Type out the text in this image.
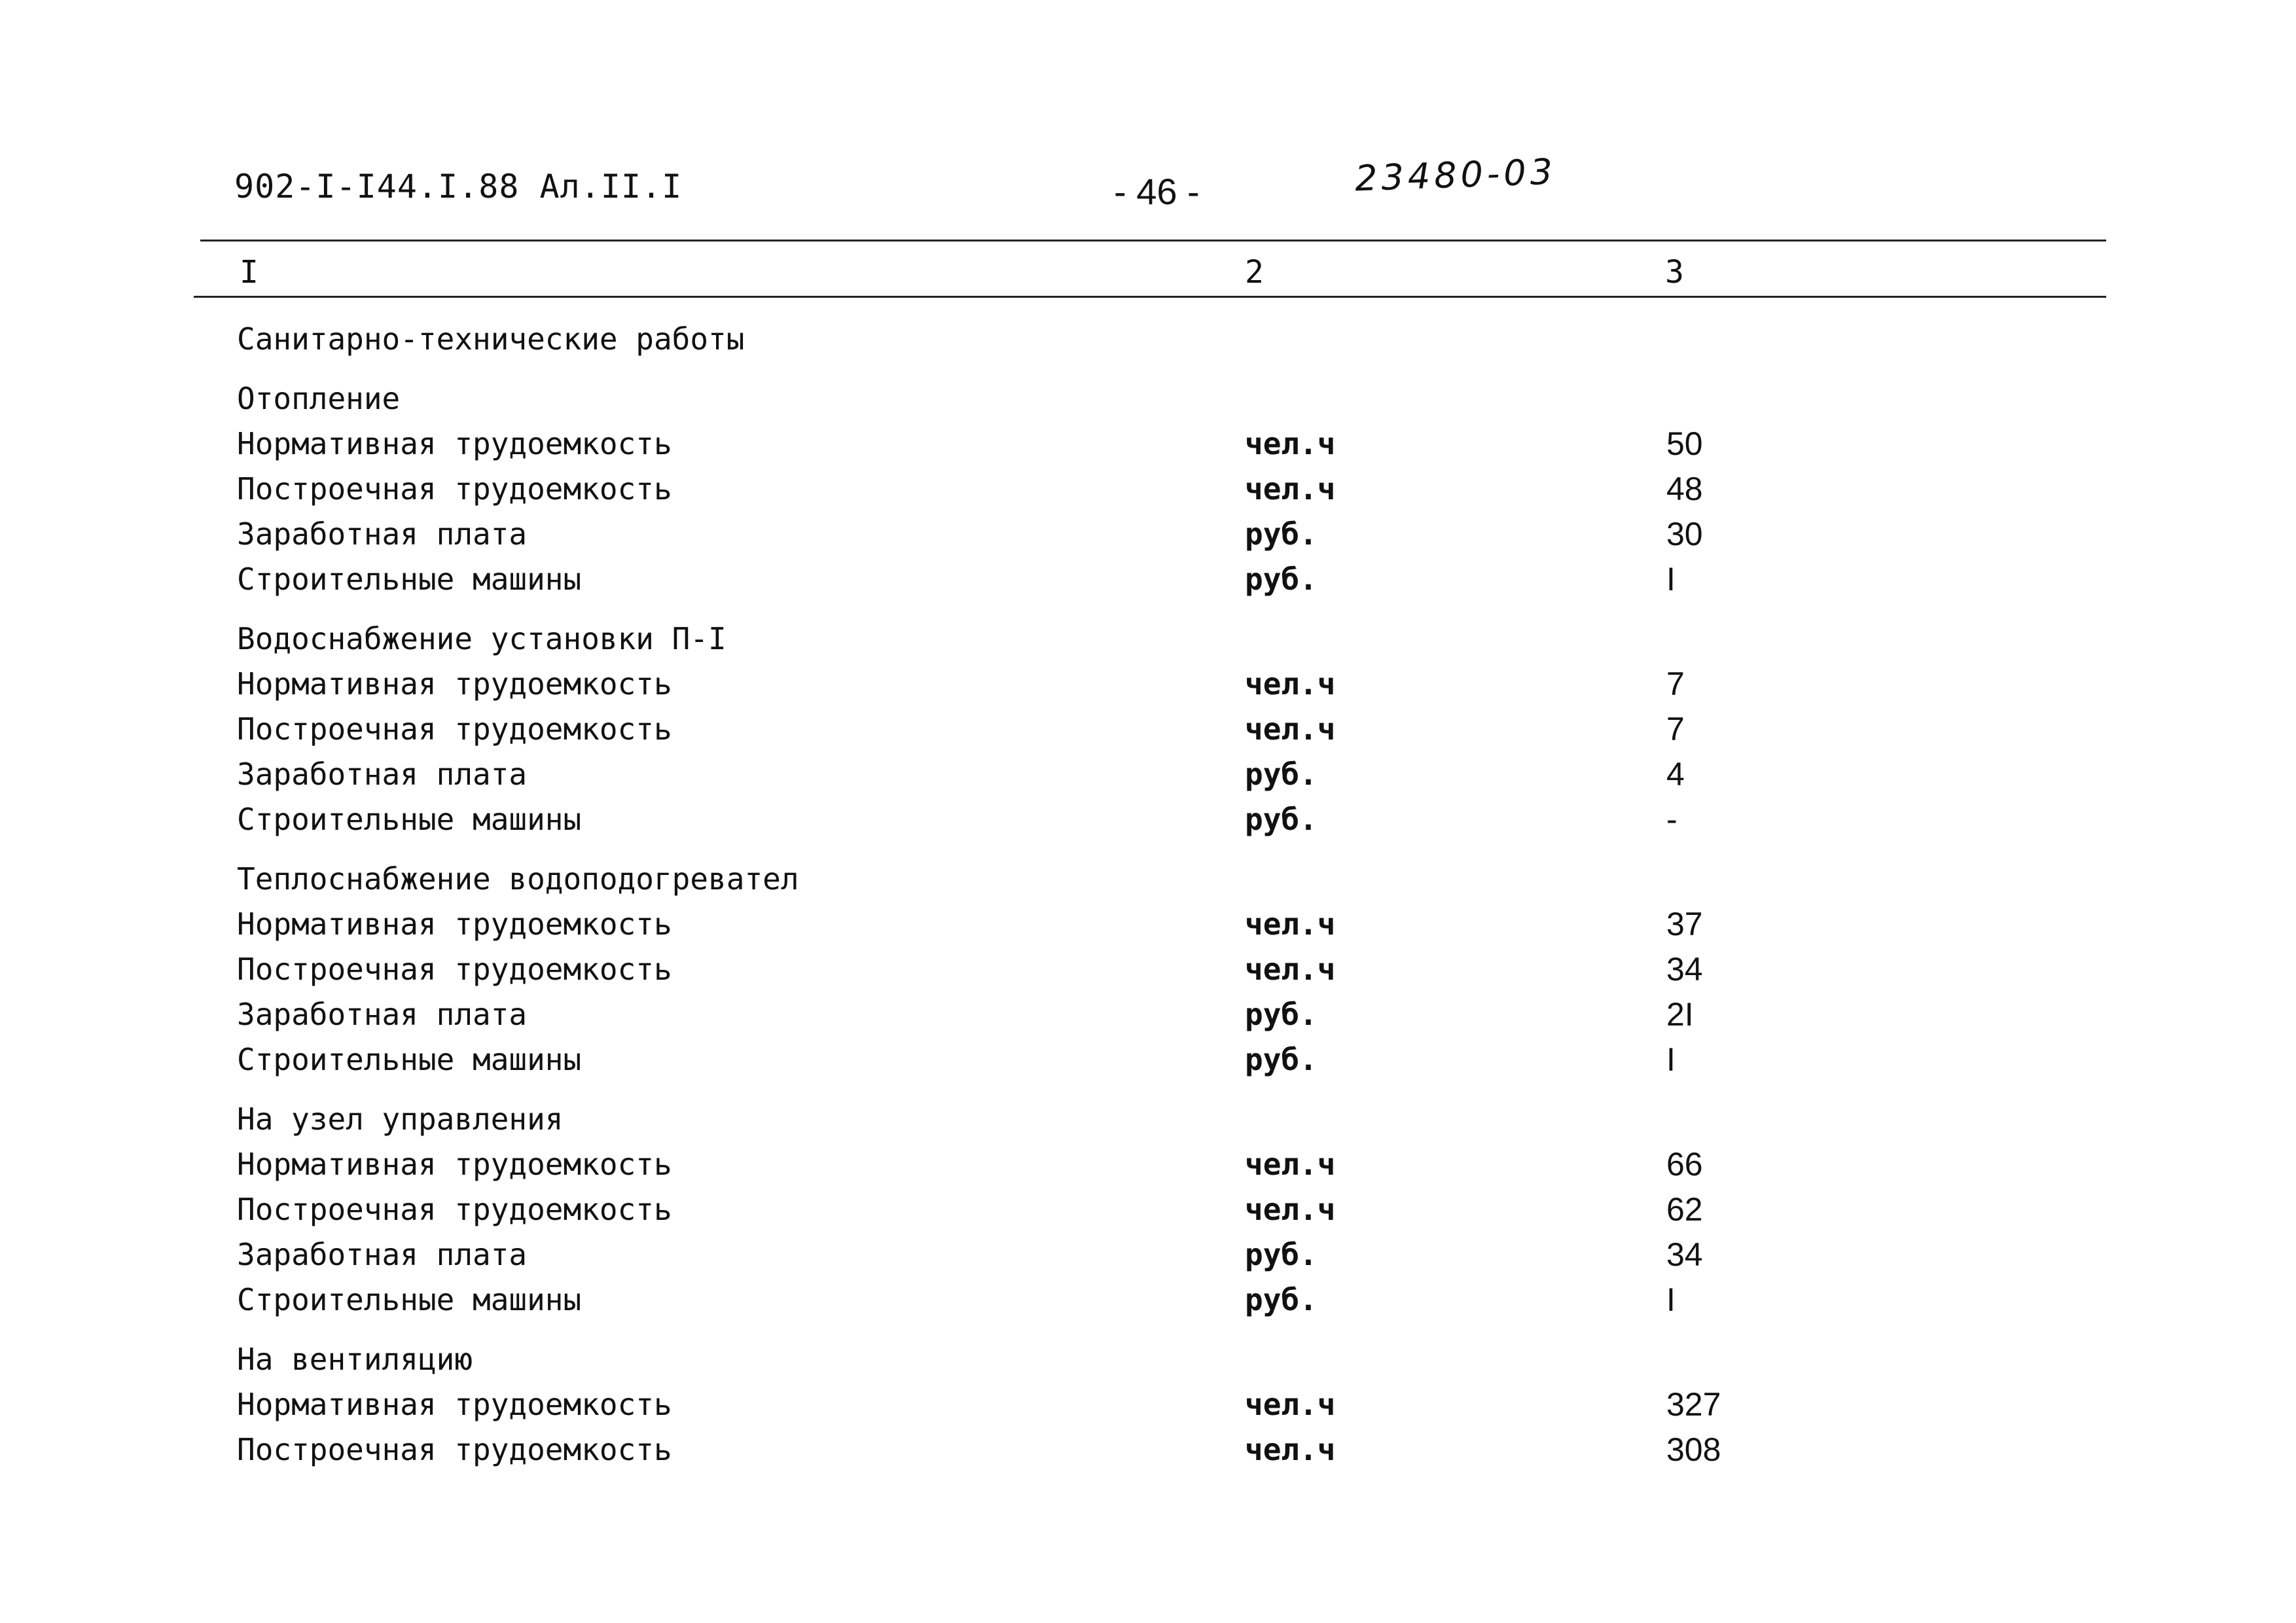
902-I-I44.I.88 Ал.II.I	- 46 -	23480-03
I	2	3
Санитарно-технические работы
Отопление
Нормативная трудоемкость	чел.ч	50
Построечная трудоемкость	чел.ч	48
Заработная плата	руб.	30
Строительные машины	руб.	I
Водоснабжение установки П-I
Нормативная трудоемкость	чел.ч	7
Построечная трудоемкость	чел.ч	7
Заработная плата	руб.	4
Строительные машины	руб.	-
Теплоснабжение водоподогревател
Нормативная трудоемкость	чел.ч	37
Построечная трудоемкость	чел.ч	34
Заработная плата	руб.	2I
Строительные машины	руб.	I
На узел управления
Нормативная трудоемкость	чел.ч	66
Построечная трудоемкость	чел.ч	62
Заработная плата	руб.	34
Строительные машины	руб.	I
На вентиляцию
Нормативная трудоемкость	чел.ч	327
Построечная трудоемкость	чел.ч	308
